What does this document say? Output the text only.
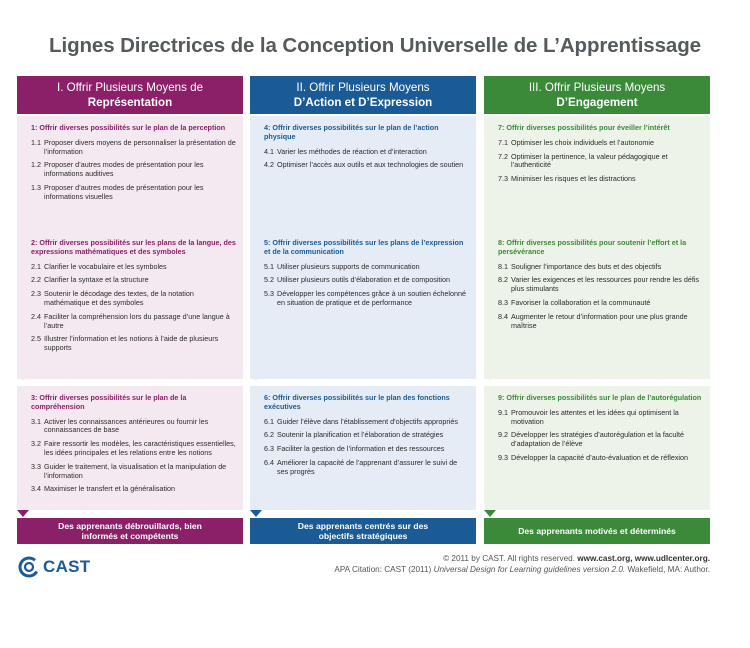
Lignes Directrices de la Conception Universelle de L’Apprentissage
I. Offrir Plusieurs Moyens de
Représentation
1: Offrir diverses possibilités sur le plan de la perception
1.1 Proposer divers moyens de personnaliser la présentation de l’information
1.2 Proposer d’autres modes de présentation pour les informations auditives
1.3 Proposer d’autres modes de présentation pour les informations visuelles
2: Offrir diverses possibilités sur les plans de la langue, des expressions mathématiques et des symboles
2.1 Clarifier le vocabulaire et les symboles
2.2 Clarifier la syntaxe et la structure
2.3 Soutenir le décodage des textes, de la notation mathématique et des symboles
2.4 Faciliter la compréhension lors du passage d’une langue à l’autre
2.5 Illustrer l’information et les notions à l’aide de plusieurs supports
3: Offrir diverses possibilités sur le plan de la compréhension
3.1 Activer les connaissances antérieures ou fournir les connaissances de base
3.2 Faire ressortir les modèles, les caractéristiques essentielles, les idées principales et les relations entre les notions
3.3 Guider le traitement, la visualisation et la manipulation de l’information
3.4 Maximiser le transfert et la généralisation
Des apprenants débrouillards, bien informés et compétents
II. Offrir Plusieurs Moyens
D’Action et D’Expression
4: Offrir diverses possibilités sur le plan de l’action physique
4.1 Varier les méthodes de réaction et d’interaction
4.2 Optimiser l’accès aux outils et aux technologies de soutien
5: Offrir diverses possibilités sur les plans de l’expression et de la communication
5.1 Utiliser plusieurs supports de communication
5.2 Utiliser plusieurs outils d’élaboration et de composition
5.3 Développer les compétences grâce à un soutien échelonné en situation de pratique et de performance
6: Offrir diverses possibilités sur le plan des fonctions exécutives
6.1 Guider l’élève dans l’établissement d’objectifs appropriés
6.2 Soutenir la planification et l’élaboration de stratégies
6.3 Faciliter la gestion de l’information et des ressources
6.4 Améliorer la capacité de l’apprenant d’assurer le suivi de ses progrès
Des apprenants centrés sur des objectifs stratégiques
III. Offrir Plusieurs Moyens
D’Engagement
7: Offrir diverses possibilités pour éveiller l’intérêt
7.1 Optimiser les choix individuels et l’autonomie
7.2 Optimiser la pertinence, la valeur pédagogique et l’authenticité
7.3 Minimiser les risques et les distractions
8: Offrir diverses possibilités pour soutenir l’effort et la persévérance
8.1 Souligner l’importance des buts et des objectifs
8.2 Varier les exigences et les ressources pour rendre les défis plus stimulants
8.3 Favoriser la collaboration et la communauté
8.4 Augmenter le retour d’information pour une plus grande maîtrise
9: Offrir diverses possibilités sur le plan de l’autorégulation
9.1 Promouvoir les attentes et les idées qui optimisent la motivation
9.2 Développer les stratégies d’autorégulation et la faculté d’adaptation de l’élève
9.3 Développer la capacité d’auto-évaluation et de réflexion
Des apprenants motivés et déterminés
CAST	© 2011 by CAST. All rights reserved. www.cast.org, www.udlcenter.org.
APA Citation: CAST (2011) Universal Design for Learning guidelines version 2.0. Wakefield, MA: Author.
